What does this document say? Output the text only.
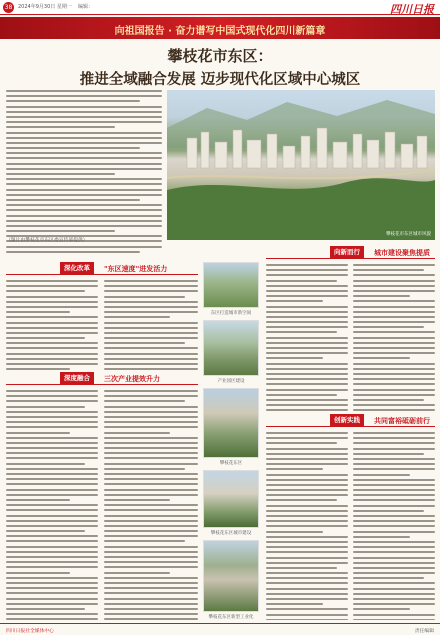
38	2024年9月30日 星期一 编辑：	四川日报
向祖国报告 · 奋力谱写中国式现代化四川新篇章
攀枝花市东区：
推进全域融合发展 迈步现代化区域中心城区
（图片由攀枝花市东区委宣传部提供）
攀枝花市东区城市风貌
深化改革	"东区速度"进发活力
深度融合	三次产业提效升力
东区打造城市新空间
产业园区建设
攀枝花东区
攀枝花东区城市建设
攀枝花东区新型工业化
向新而行	城市建设聚焦提质
创新实践	共同富裕砥砺前行
四川日报社全媒体中心	责任编辑
